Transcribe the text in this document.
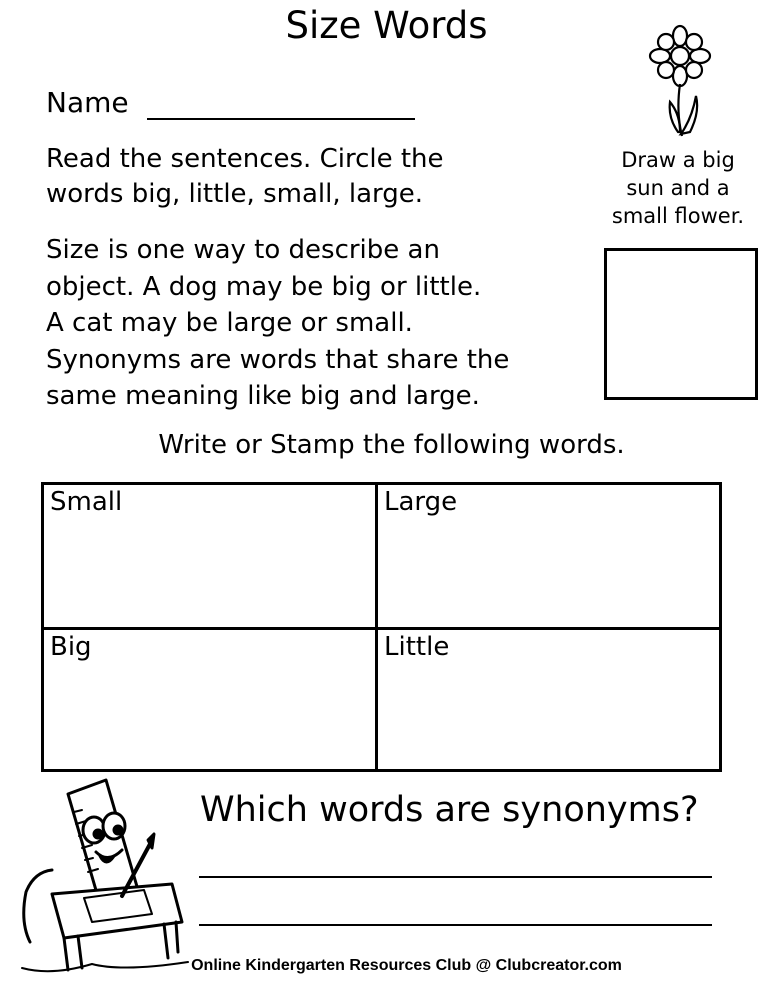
Size Words
Name
Read the sentences. Circle the
words big, little, small, large.
Size is one way to describe an
object. A dog may be big or little.
A cat may be large or small.
Synonyms are words that share the
same meaning like big and large.
Draw a big
sun and a
small flower.
Write or Stamp the following words.
Small	Large
Big	Little
Which words are synonyms?
Online Kindergarten Resources Club @ Clubcreator.com
